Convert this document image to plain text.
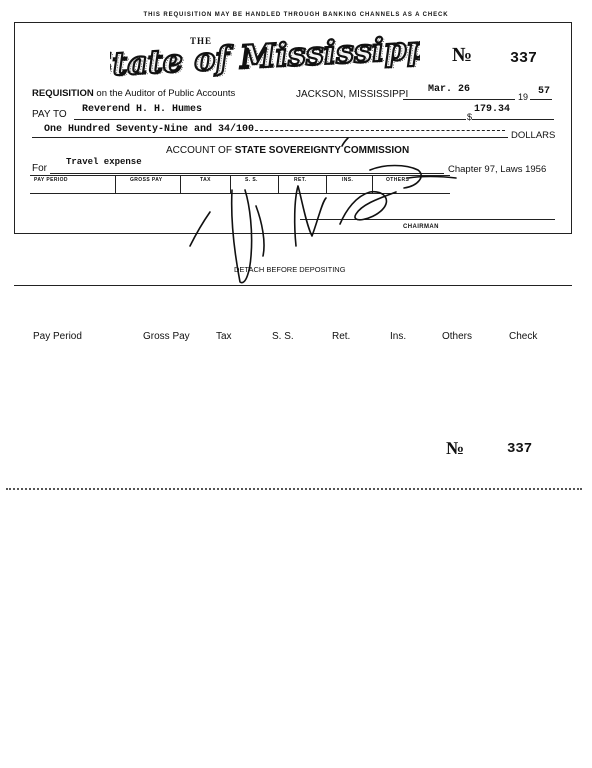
THIS REQUISITION MAY BE HANDLED THROUGH BANKING CHANNELS AS A CHECK
THE
State of Mississippi
State of Mississippi №	337
REQUISITION on the Auditor of Public Accounts	JACKSON, MISSISSIPPI Mar. 26
19 57
PAY TO Reverend H. H. Humes
$
179.34
One Hundred Seventy-Nine and 34/100
DOLLARS
ACCOUNT OF STATE SOVEREIGNTY COMMISSION
For
Travel expense
Chapter 97, Laws 1956
PAY PERIOD	GROSS PAY	TAX	S. S.	RET.	INS.	OTHERS
CHAIRMAN
DETACH BEFORE DEPOSITING
Pay Period	Gross Pay	Tax	S. S.	Ret.	Ins.	Others	Check
№	337
